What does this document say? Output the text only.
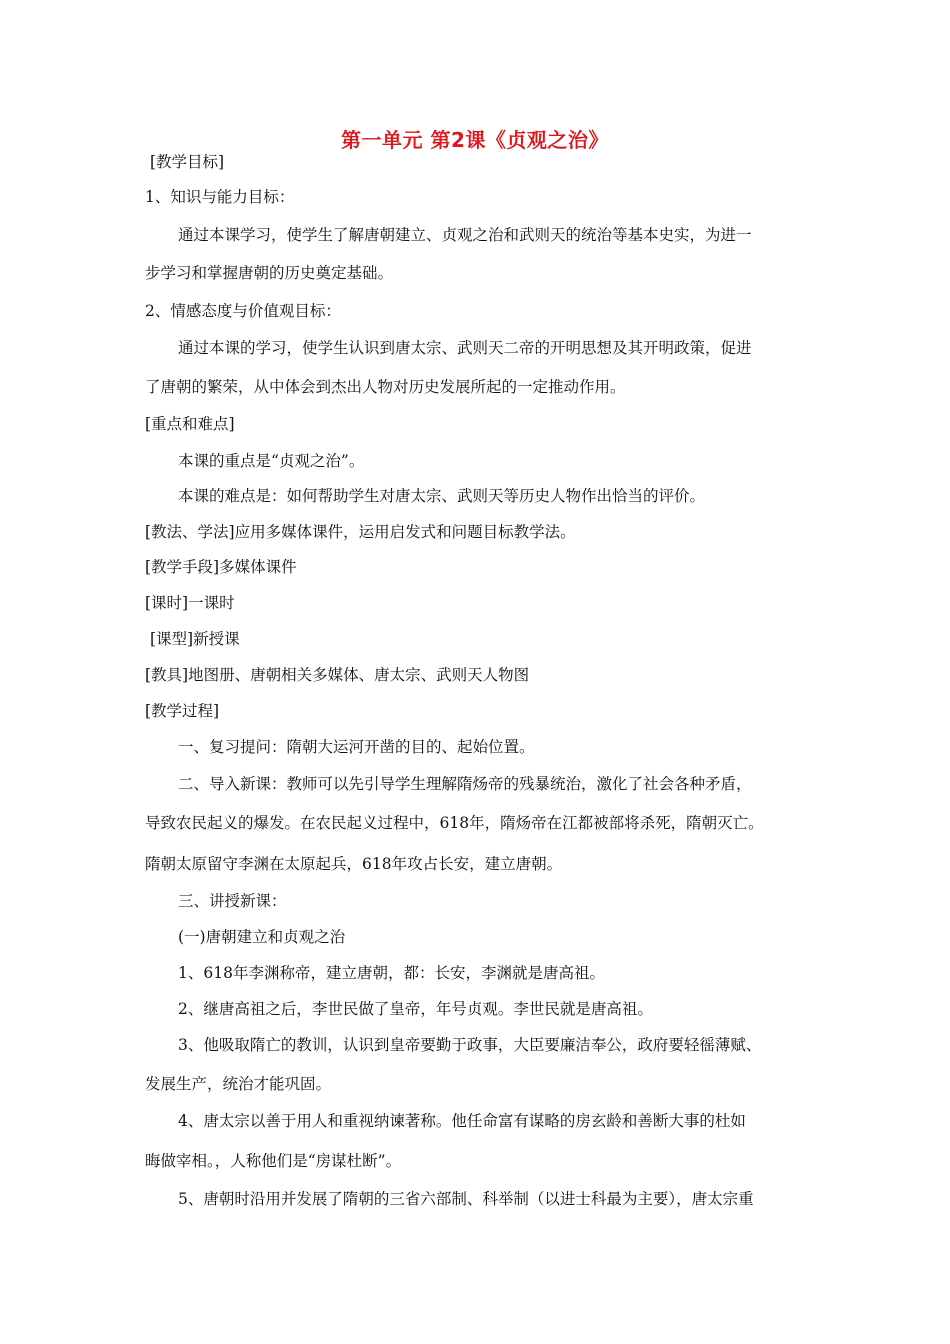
第一单元 第2课《贞观之治》
[教学目标]
1、知识与能力目标：
通过本课学习，使学生了解唐朝建立、贞观之治和武则天的统治等基本史实，为进一
步学习和掌握唐朝的历史奠定基础。
2、情感态度与价值观目标：
通过本课的学习，使学生认识到唐太宗、武则天二帝的开明思想及其开明政策，促进
了唐朝的繁荣，从中体会到杰出人物对历史发展所起的一定推动作用。
[重点和难点]
本课的重点是“贞观之治”。
本课的难点是：如何帮助学生对唐太宗、武则天等历史人物作出恰当的评价。
[教法、学法]应用多媒体课件，运用启发式和问题目标教学法。
[教学手段]多媒体课件
[课时]一课时
[课型]新授课
[教具]地图册、唐朝相关多媒体、唐太宗、武则天人物图
[教学过程]
一、复习提问：隋朝大运河开凿的目的、起始位置。
二、导入新课：教师可以先引导学生理解隋炀帝的残暴统治，激化了社会各种矛盾，
导致农民起义的爆发。在农民起义过程中，618年，隋炀帝在江都被部将杀死，隋朝灭亡。
隋朝太原留守李渊在太原起兵，618年攻占长安，建立唐朝。
三、讲授新课：
(一)唐朝建立和贞观之治
1、618年李渊称帝，建立唐朝，都：长安，李渊就是唐高祖。
2、继唐高祖之后，李世民做了皇帝，年号贞观。李世民就是唐高祖。
3、他吸取隋亡的教训，认识到皇帝要勤于政事，大臣要廉洁奉公，政府要轻徭薄赋、
发展生产，统治才能巩固。
4、唐太宗以善于用人和重视纳谏著称。他任命富有谋略的房玄龄和善断大事的杜如
晦做宰相。，人称他们是“房谋杜断”。
5、唐朝时沿用并发展了隋朝的三省六部制、科举制（以进士科最为主要），唐太宗重
